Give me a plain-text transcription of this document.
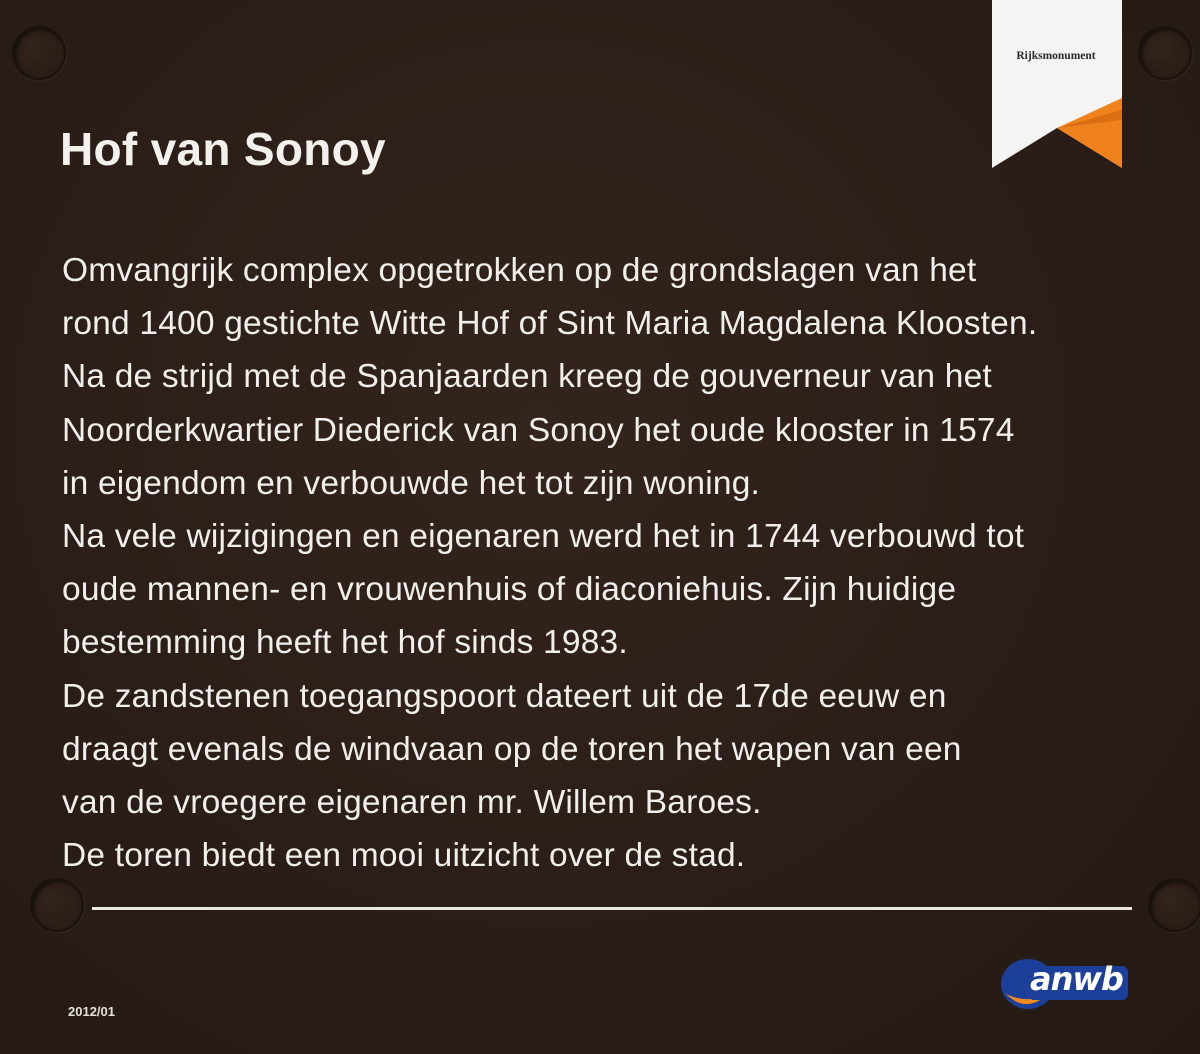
Rijksmonument
Hof van Sonoy
Omvangrijk complex opgetrokken op de grondslagen van het
rond 1400 gestichte Witte Hof of Sint Maria Magdalena Kloosten.
Na de strijd met de Spanjaarden kreeg de gouverneur van het
Noorderkwartier Diederick van Sonoy het oude klooster in 1574
in eigendom en verbouwde het tot zijn woning.
Na vele wijzigingen en eigenaren werd het in 1744 verbouwd tot
oude mannen- en vrouwenhuis of diaconiehuis. Zijn huidige
bestemming heeft het hof sinds 1983.
De zandstenen toegangspoort dateert uit de 17de eeuw en
draagt evenals de windvaan op de toren het wapen van een
van de vroegere eigenaren mr. Willem Baroes.
De toren biedt een mooi uitzicht over de stad.
anwb
2012/01
